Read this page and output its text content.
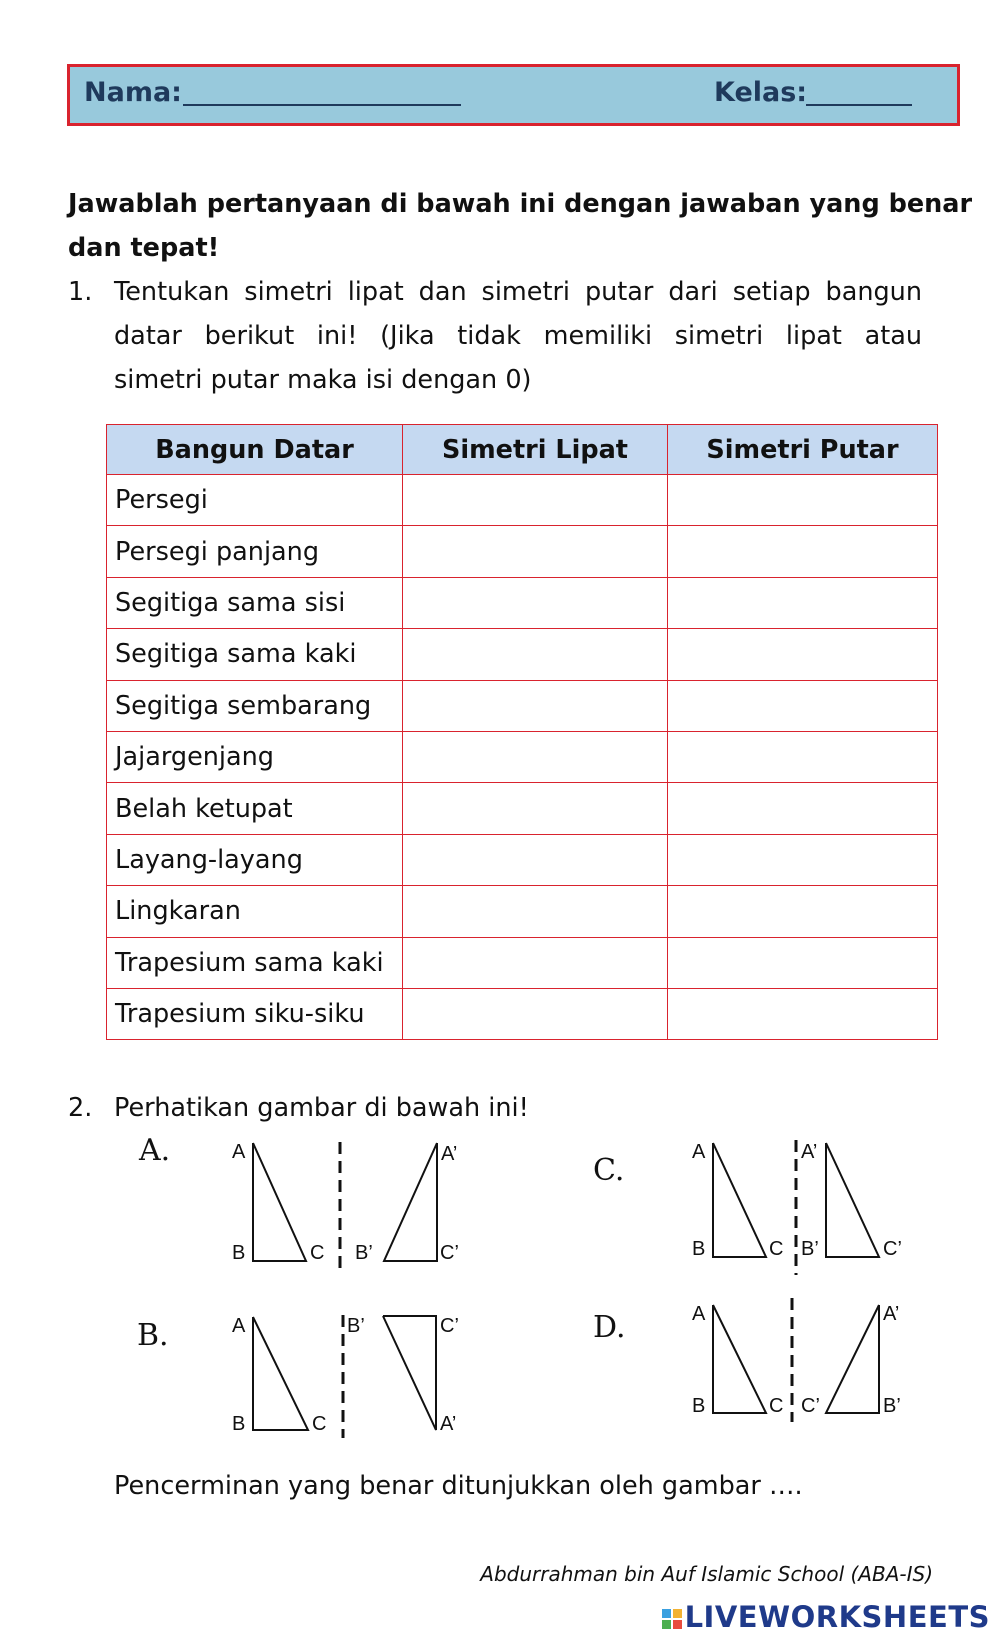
Nama:	Kelas:
Jawablah pertanyaan di bawah ini dengan jawaban yang benar
dan tepat!
1. Tentukan simetri lipat dan simetri putar dari setiap bangun
datar berikut ini! (Jika tidak memiliki simetri lipat atau
simetri putar maka isi dengan 0)
Bangun Datar	Simetri Lipat	Simetri Putar
Persegi		
Persegi panjang		
Segitiga sama sisi		
Segitiga sama kaki		
Segitiga sembarang		
Jajargenjang		
Belah ketupat		
Layang-layang		
Lingkaran		
Trapesium sama kaki		
Trapesium siku-siku		
2. Perhatikan gambar di bawah ini!
A.
B.
C.
D.
A
B	C
A’
B’	C’
A
B	C
B’	C’
A’
A
B	C
A’
B’	C’
A
B	C
A’
C’	B’
Pencerminan yang benar ditunjukkan oleh gambar ….
Abdurrahman bin Auf Islamic School (ABA-IS)
LIVEWORKSHEETS
